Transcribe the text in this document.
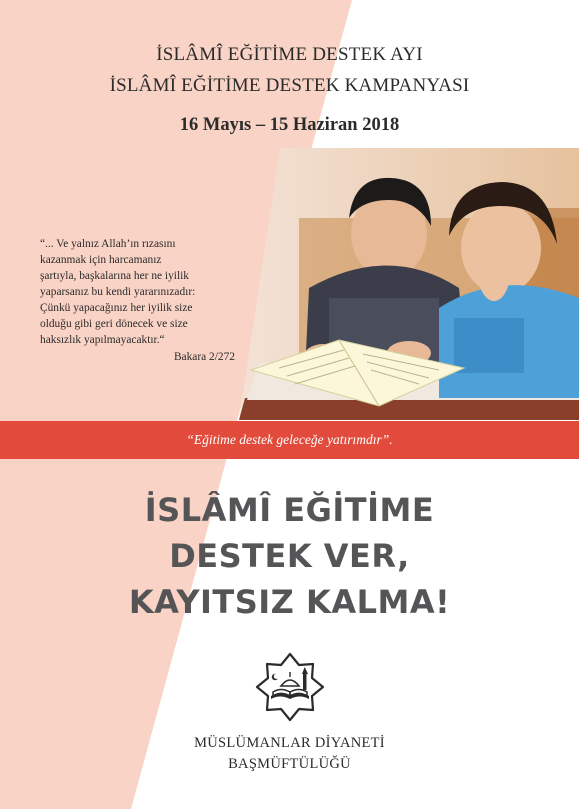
İSLÂMÎ EĞİTİME DESTEK AYI
İSLÂMÎ EĞİTİME DESTEK KAMPANYASI
16 Mayıs – 15 Haziran 2018
“... Ve yalnız Allah’ın rızasını
kazanmak için harcamanız
şartıyla, başkalarına her ne iyilik
yaparsanız bu kendi yararınızadır:
Çünkü yapacağınız her iyilik size
olduğu gibi geri dönecek ve size
haksızlık yapılmayacaktır.“
Bakara 2/272
“Eğitime destek geleceğe yatırımdır”.
İSLÂMÎ EĞİTİME
DESTEK VER,
KAYITSIZ KALMA!
MÜSLÜMANLAR DİYANETİ
BAŞMÜFTÜLÜĞÜ
